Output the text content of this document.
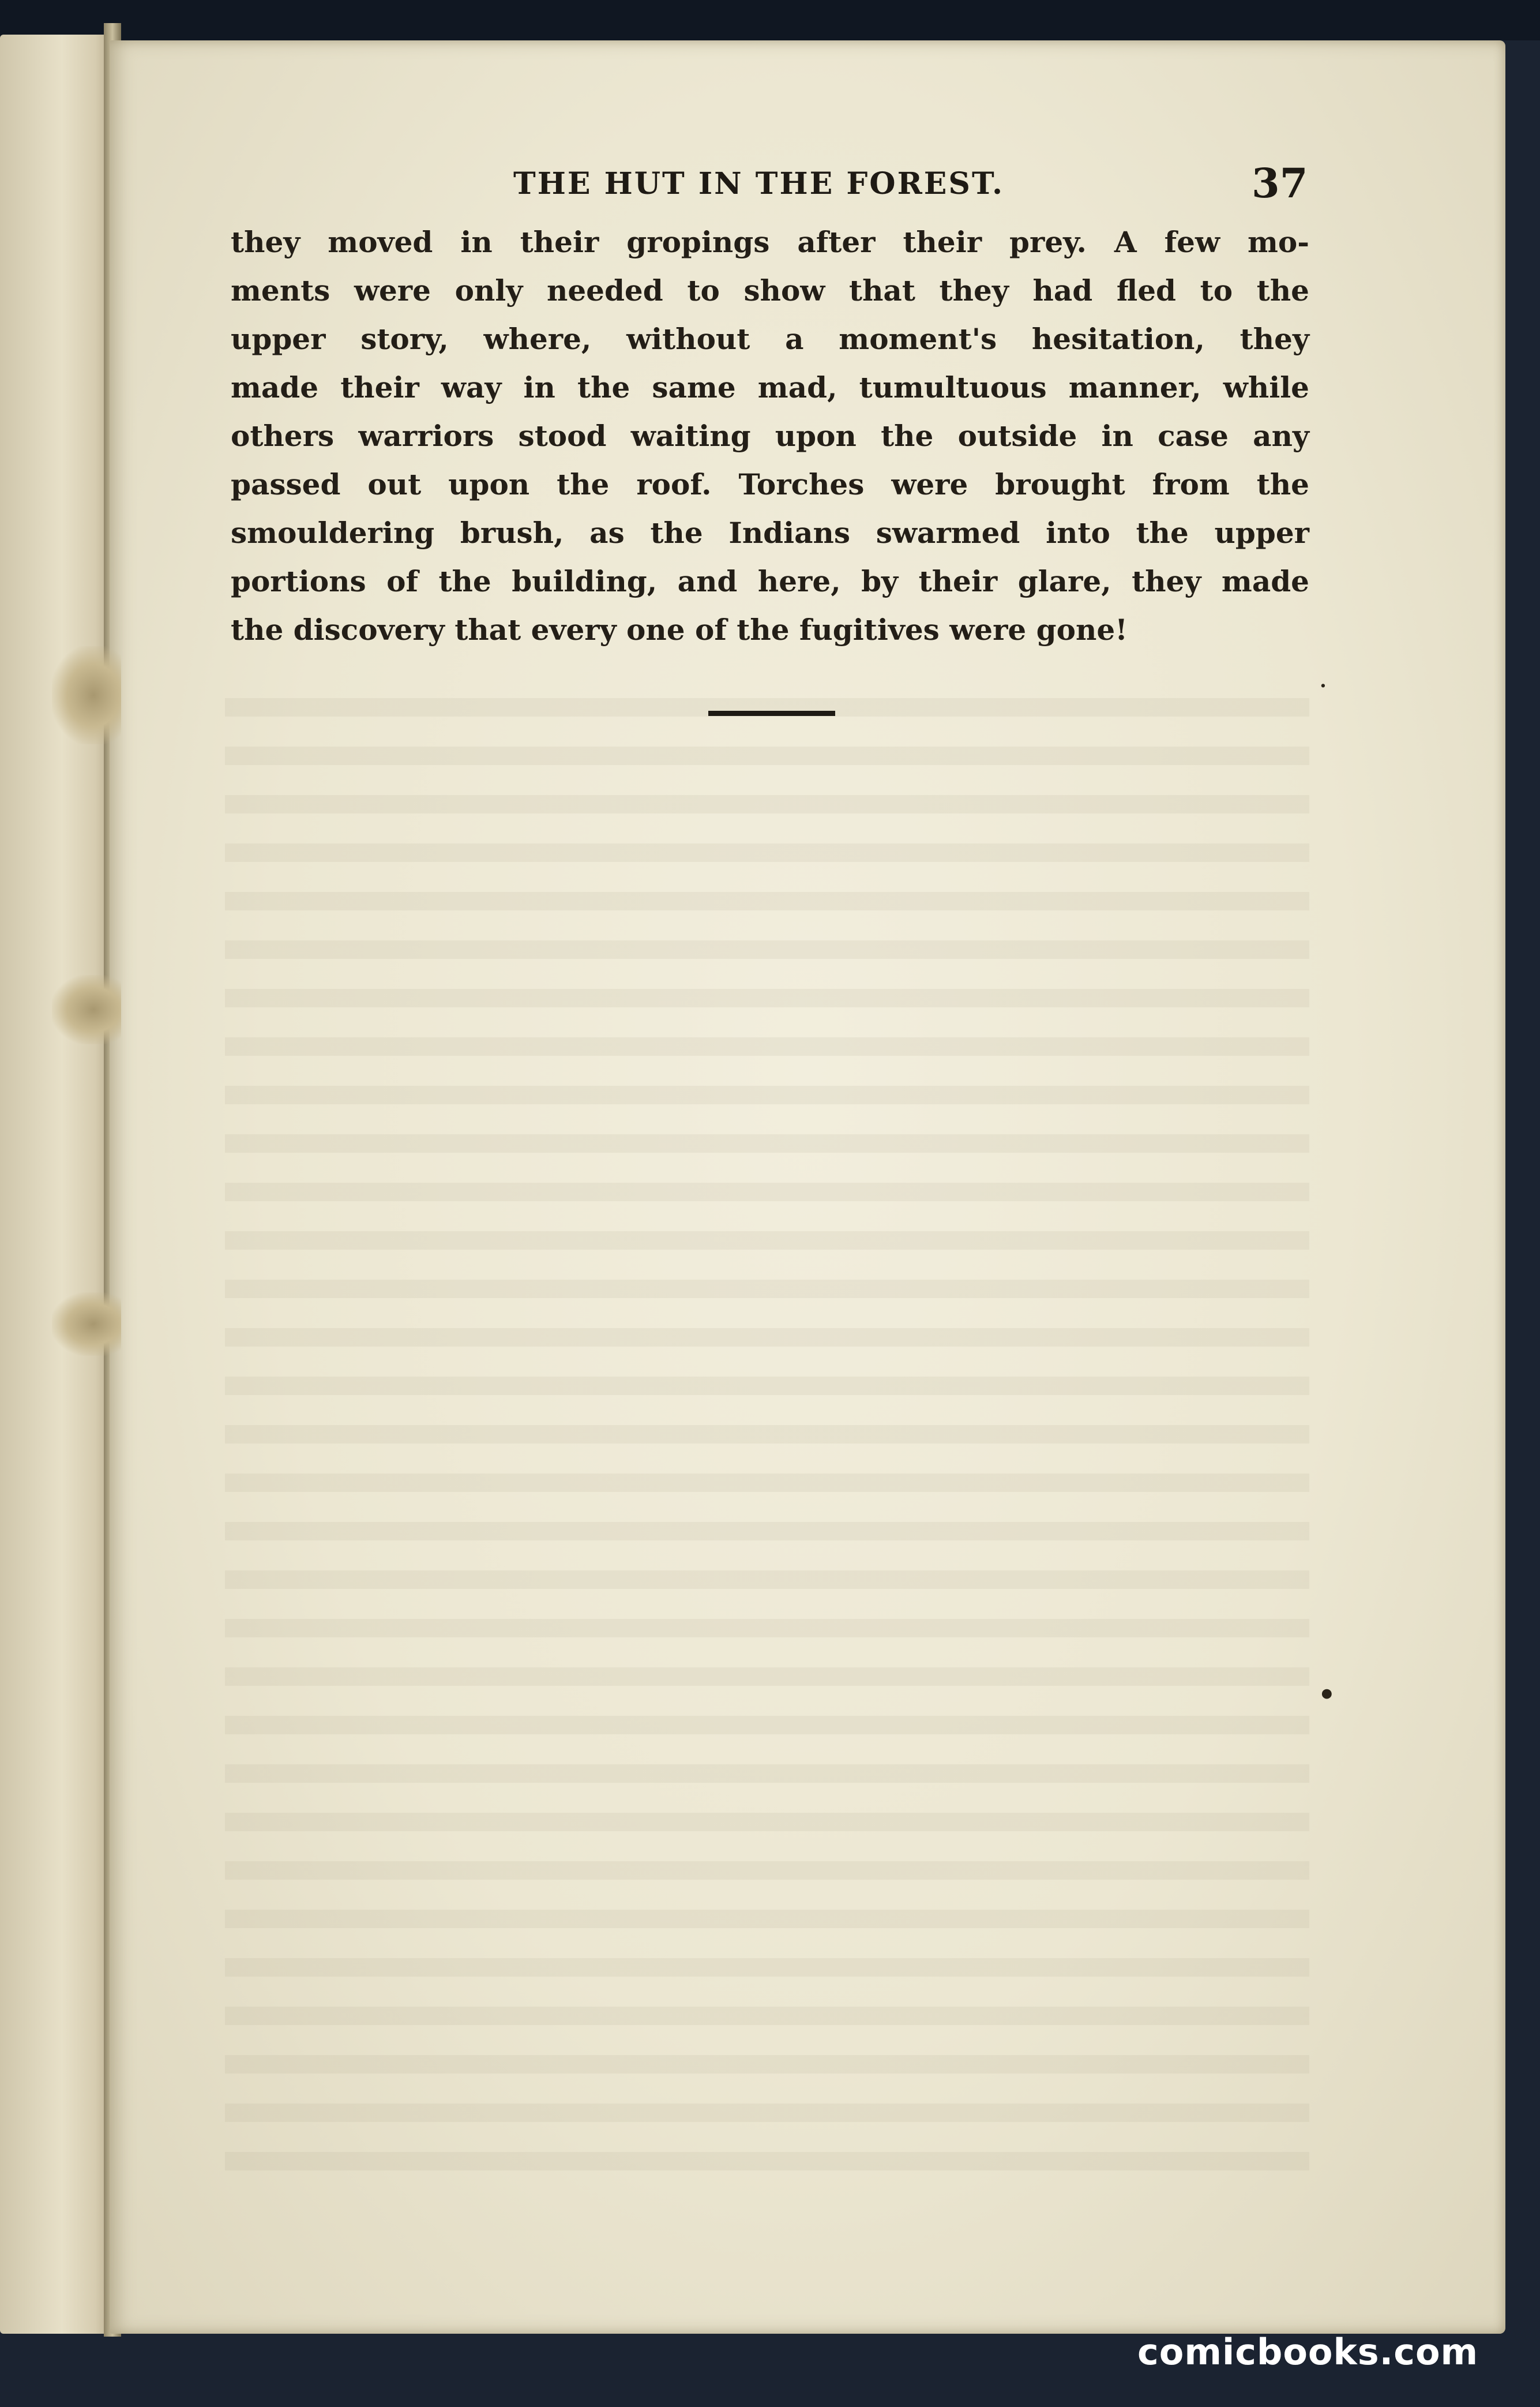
THE HUT IN THE FOREST.	37
they moved in their gropings after their prey. A few mo-
ments were only needed to show that they had fled to the
upper story, where, without a moment's hesitation, they
made their way in the same mad, tumultuous manner, while
others warriors stood waiting upon the outside in case any
passed out upon the roof. Torches were brought from the
smouldering brush, as the Indians swarmed into the upper
portions of the building, and here, by their glare, they made
the discovery that every one of the fugitives were gone!
․
•
comicbooks.com
